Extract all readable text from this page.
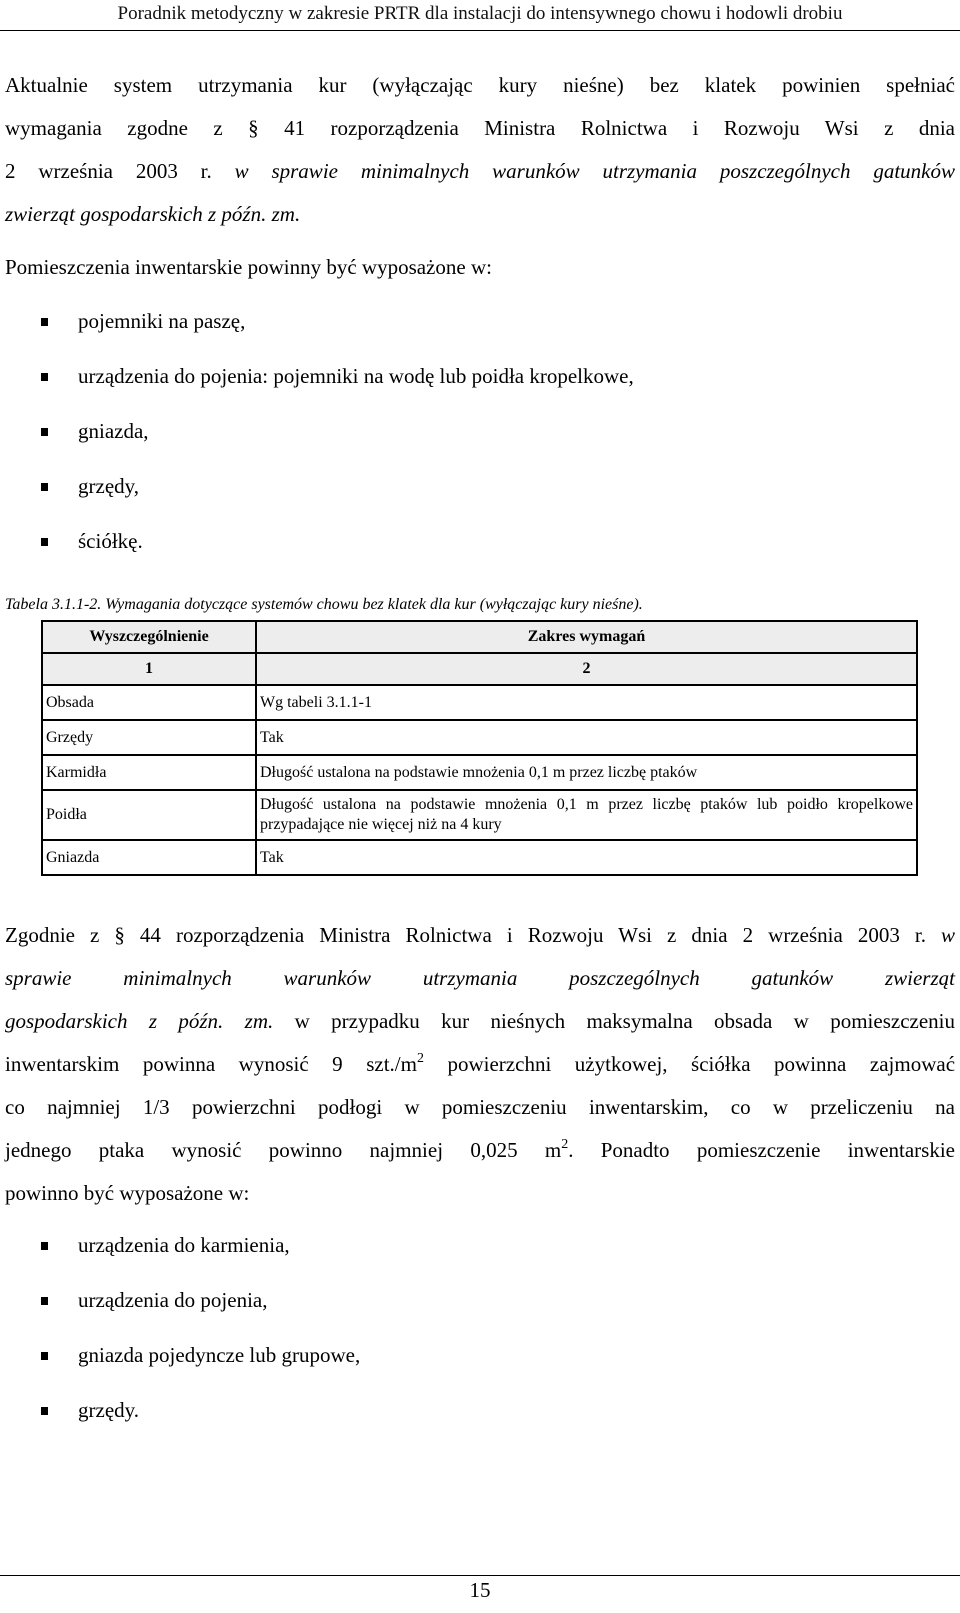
Poradnik metodyczny w zakresie PRTR dla instalacji do intensywnego chowu i hodowli drobiu
Aktualnie system utrzymania kur (wyłączając kury nieśne) bez klatek powinien spełniać
wymagania zgodne z § 41 rozporządzenia Ministra Rolnictwa i Rozwoju Wsi z dnia
2 września 2003 r. w sprawie minimalnych warunków utrzymania poszczególnych gatunków
zwierząt gospodarskich z późn. zm.
Pomieszczenia inwentarskie powinny być wyposażone w:
pojemniki na paszę,
urządzenia do pojenia: pojemniki na wodę lub poidła kropelkowe,
gniazda,
grzędy,
ściółkę.
Tabela 3.1.1-2. Wymagania dotyczące systemów chowu bez klatek dla kur (wyłączając kury nieśne).
Wyszczególnienie	Zakres wymagań
1	2
Obsada	Wg tabeli 3.1.1-1
Grzędy	Tak
Karmidła	Długość ustalona na podstawie mnożenia 0,1 m przez liczbę ptaków
Poidła	Długość ustalona na podstawie mnożenia 0,1 m przez liczbę ptaków lub poidło kropelkowe przypadające nie więcej niż na 4 kury
Gniazda	Tak
Zgodnie z § 44 rozporządzenia Ministra Rolnictwa i Rozwoju Wsi z dnia 2 września 2003 r. w
sprawie minimalnych warunków utrzymania poszczególnych gatunków zwierząt
gospodarskich z późn. zm. w przypadku kur nieśnych maksymalna obsada w pomieszczeniu
inwentarskim powinna wynosić 9 $szt./m^2$ powierzchni użytkowej, ściółka powinna zajmować
co najmniej 1/3 powierzchni podłogi w pomieszczeniu inwentarskim, co w przeliczeniu na
jednego ptaka wynosić powinno najmniej 0,025 $m^2$. Ponadto pomieszczenie inwentarskie
powinno być wyposażone w:
urządzenia do karmienia,
urządzenia do pojenia,
gniazda pojedyncze lub grupowe,
grzędy.
15
